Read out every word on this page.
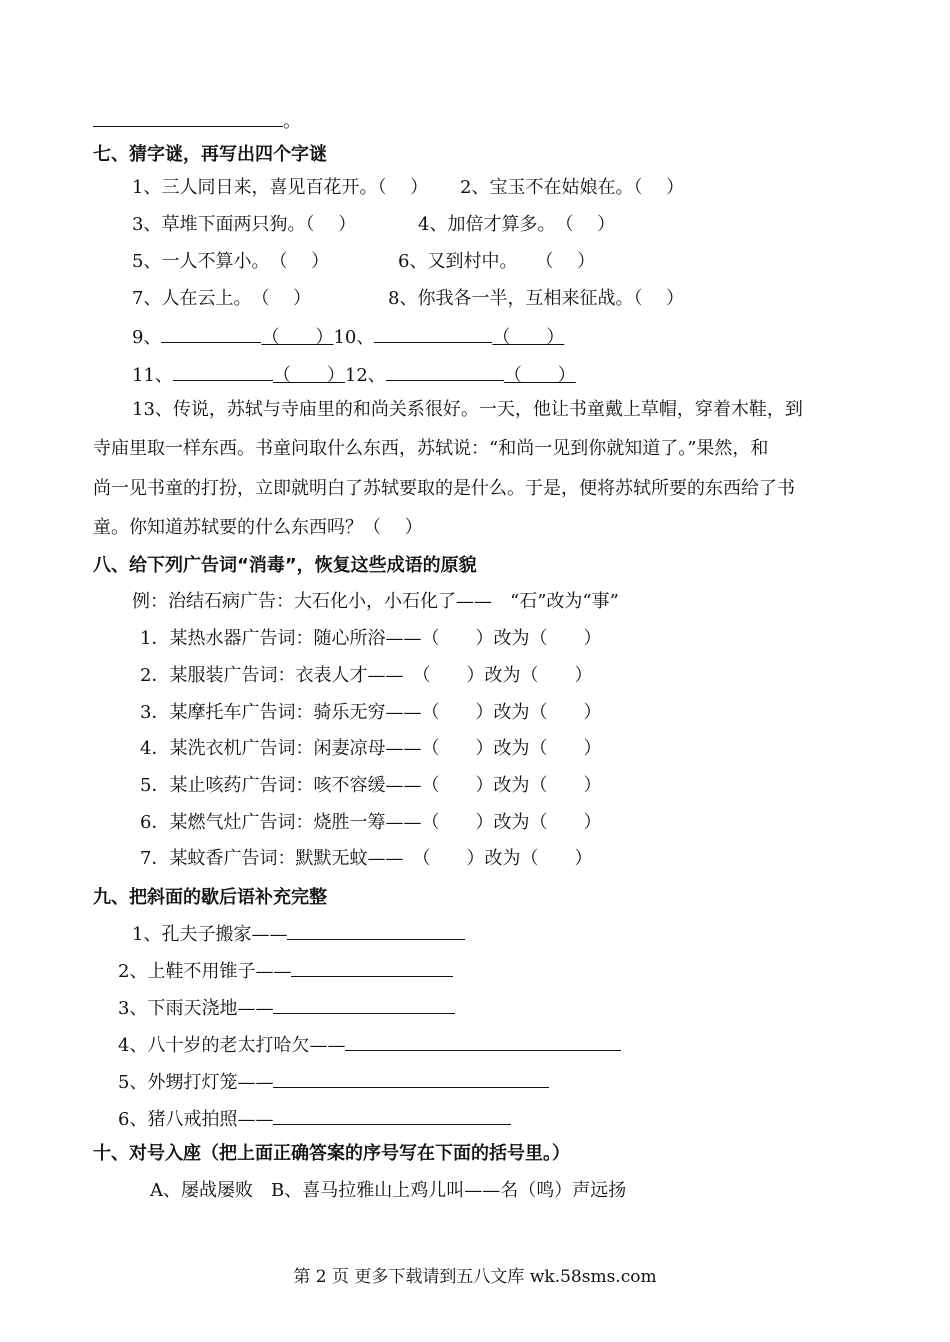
。
七、猜字谜，再写出四个字谜
1、三人同日来，喜见百花开。（　 ） 2、宝玉不在姑娘在。（　 ）
3、草堆下面两只狗。（　 ）	4、加倍才算多。　（　 ）
5、一人不算小。　（　 ）	6、又到村中。　　（　 ）
7、人在云上。　（　 ）	8、你我各一半，互相来征战。（　 ）
9、	（　　）10、	（　　）
11、	（　　）12、	（　　）
13、传说，苏轼与寺庙里的和尚关系很好。一天，他让书童戴上草帽，穿着木鞋，到
寺庙里取一样东西。书童问取什么东西，苏轼说：“和尚一见到你就知道了。”果然，和
尚一见书童的打扮，立即就明白了苏轼要取的是什么。于是，便将苏轼所要的东西给了书
童。你知道苏轼要的什么东西吗？（　 ）
八、给下列广告词“消毒”，恢复这些成语的原貌
例：治结石病广告：大石化小，小石化了——　“石”改为“事”
1．某热水器广告词：随心所浴——（　　）改为（　　）
2．某服装广告词：衣表人才——　（　　）改为（　　）
3．某摩托车广告词：骑乐无穷——（　　）改为（　　）
4．某洗衣机广告词：闲妻凉母——（　　）改为（　　）
5．某止咳药广告词：咳不容缓——（　　）改为（　　）
6．某燃气灶广告词：烧胜一筹——（　　）改为（　　）
7．某蚊香广告词：默默无蚊——　（　　）改为（　　）
九、把斜面的歇后语补充完整
1、孔夫子搬家——
2、上鞋不用锥子——
3、下雨天浇地——
4、八十岁的老太打哈欠——
5、外甥打灯笼——
6、猪八戒拍照——
十、对号入座（把上面正确答案的序号写在下面的括号里。）
A、屡战屡败　B、喜马拉雅山上鸡儿叫——名（鸣）声远扬
第 2 页 更多下载请到五八文库 wk.58sms.com
